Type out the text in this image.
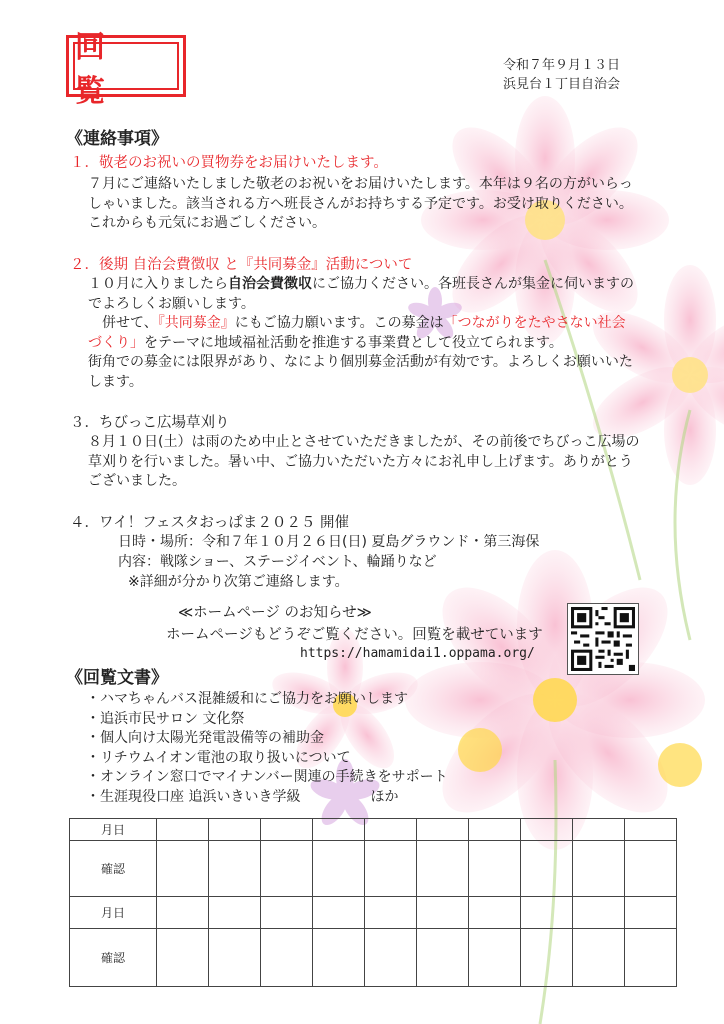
回 覧
令和７年９月１３日
浜見台１丁目自治会
《連絡事項》
１．敬老のお祝いの買物券をお届けいたします。
７月にご連絡いたしました敬老のお祝いをお届けいたします。本年は９名の方がいらっ
しゃいました。該当される方へ班長さんがお持ちする予定です。お受け取りください。
これからも元気にお過ごしください。
２．後期 自治会費徴収 と『共同募金』活動について
１０月に入りましたら自治会費徴収にご協力ください。各班長さんが集金に伺いますの
でよろしくお願いします。
　併せて、『共同募金』にもご協力願います。この募金は「つながりをたやさない社会
づくり」をテーマに地域福祉活動を推進する事業費として役立てられます。
街角での募金には限界があり、なにより個別募金活動が有効です。よろしくお願いいた
します。
３．ちびっこ広場草刈り
８月１０日(土）は雨のため中止とさせていただきましたが、その前後でちびっこ広場の
草刈りを行いました。暑い中、ご協力いただいた方々にお礼申し上げます。ありがとう
ございました。
４．ワイ！フェスタおっぱま２０２５ 開催
日時・場所：令和７年１０月２６日(日) 夏島グラウンド・第三海保
内容：戦隊ショー、ステージイベント、輪踊りなど
※詳細が分かり次第ご連絡します。
≪ホームページ のお知らせ≫
ホームページもどうぞご覧ください。回覧を載せています
https://hamamidai1.oppama.org/
《回覧文書》
・ハマちゃんバス混雑緩和にご協力をお願いします
・追浜市民サロン 文化祭
・個人向け太陽光発電設備等の補助金
・リチウムイオン電池の取り扱いについて
・オンライン窓口でマイナンバー関連の手続きをサポート
・生涯現役口座 追浜いきいき学級　　　　　ほか
月日										
確認										
月日										
確認										
